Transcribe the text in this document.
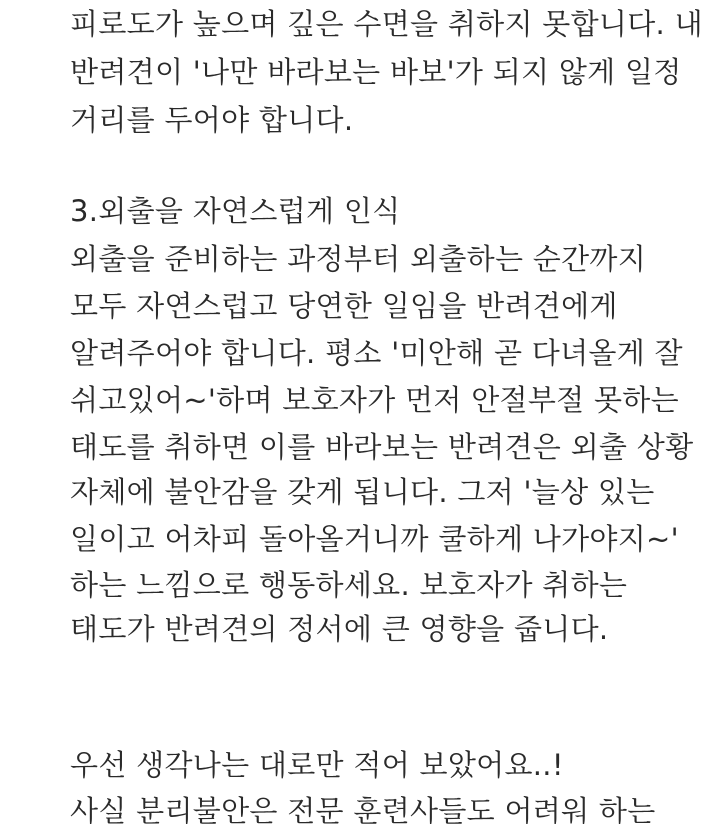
피로도가 높으며 깊은 수면을 취하지 못합니다. 내
반려견이 '나만 바라보는 바보'가 되지 않게 일정
거리를 두어야 합니다.
3.외출을 자연스럽게 인식
외출을 준비하는 과정부터 외출하는 순간까지
모두 자연스럽고 당연한 일임을 반려견에게
알려주어야 합니다. 평소 '미안해 곧 다녀올게 잘
쉬고있어~'하며 보호자가 먼저 안절부절 못하는
태도를 취하면 이를 바라보는 반려견은 외출 상황
자체에 불안감을 갖게 됩니다. 그저 '늘상 있는
일이고 어차피 돌아올거니까 쿨하게 나가야지~'
하는 느낌으로 행동하세요. 보호자가 취하는
태도가 반려견의 정서에 큰 영향을 줍니다.
우선 생각나는 대로만 적어 보았어요..!
사실 분리불안은 전문 훈련사들도 어려워 하는
